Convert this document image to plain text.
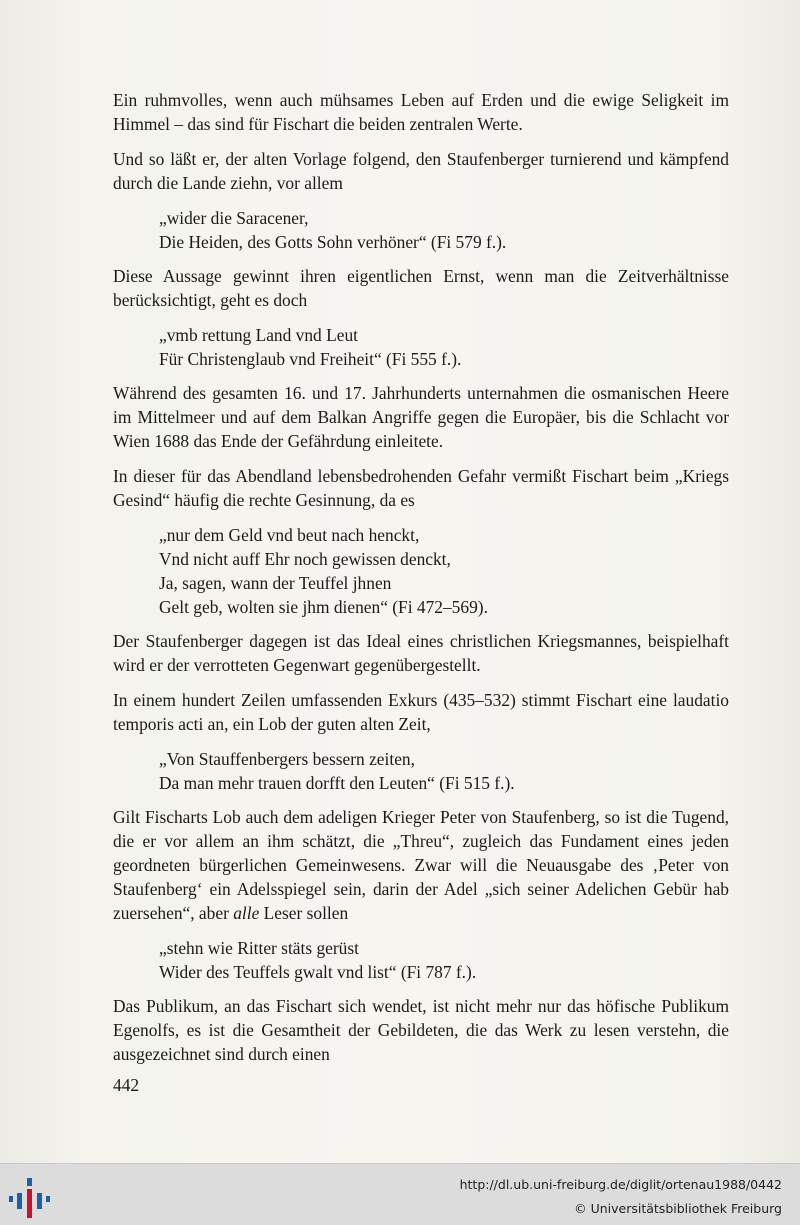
Ein ruhmvolles, wenn auch mühsames Leben auf Erden und die ewige Seligkeit im Himmel – das sind für Fischart die beiden zentralen Werte.

Und so läßt er, der alten Vorlage folgend, den Staufenberger turnierend und kämpfend durch die Lande ziehn, vor allem

„wider die Saracener,
Die Heiden, des Gotts Sohn verhöner“ (Fi 579 f.).

Diese Aussage gewinnt ihren eigentlichen Ernst, wenn man die Zeitverhältnisse berücksichtigt, geht es doch

„vmb rettung Land vnd Leut
Für Christenglaub vnd Freiheit“ (Fi 555 f.).

Während des gesamten 16. und 17. Jahrhunderts unternahmen die osmanischen Heere im Mittelmeer und auf dem Balkan Angriffe gegen die Europäer, bis die Schlacht vor Wien 1688 das Ende der Gefährdung einleitete.

In dieser für das Abendland lebensbedrohenden Gefahr vermißt Fischart beim „Kriegs Gesind“ häufig die rechte Gesinnung, da es

„nur dem Geld vnd beut nach henckt,
Vnd nicht auff Ehr noch gewissen denckt,
Ja, sagen, wann der Teuffel jhnen
Gelt geb, wolten sie jhm dienen“ (Fi 472–569).

Der Staufenberger dagegen ist das Ideal eines christlichen Kriegsmannes, beispielhaft wird er der verrotteten Gegenwart gegenübergestellt.

In einem hundert Zeilen umfassenden Exkurs (435–532) stimmt Fischart eine laudatio temporis acti an, ein Lob der guten alten Zeit,

„Von Stauffenbergers bessern zeiten,
Da man mehr trauen dorfft den Leuten“ (Fi 515 f.).

Gilt Fischarts Lob auch dem adeligen Krieger Peter von Staufenberg, so ist die Tugend, die er vor allem an ihm schätzt, die „Threu“, zugleich das Fundament eines jeden geordneten bürgerlichen Gemeinwesens. Zwar will die Neuausgabe des ‚Peter von Staufenberg‘ ein Adelsspiegel sein, darin der Adel „sich seiner Adelichen Gebür hab zuersehen“, aber alle Leser sollen

„stehn wie Ritter stäts gerüst
Wider des Teuffels gwalt vnd list“ (Fi 787 f.).

Das Publikum, an das Fischart sich wendet, ist nicht mehr nur das höfische Publikum Egenolfs, es ist die Gesamtheit der Gebildeten, die das Werk zu lesen verstehn, die ausgezeichnet sind durch einen

442
http://dl.ub.uni-freiburg.de/diglit/ortenau1988/0442
© Universitätsbibliothek Freiburg
